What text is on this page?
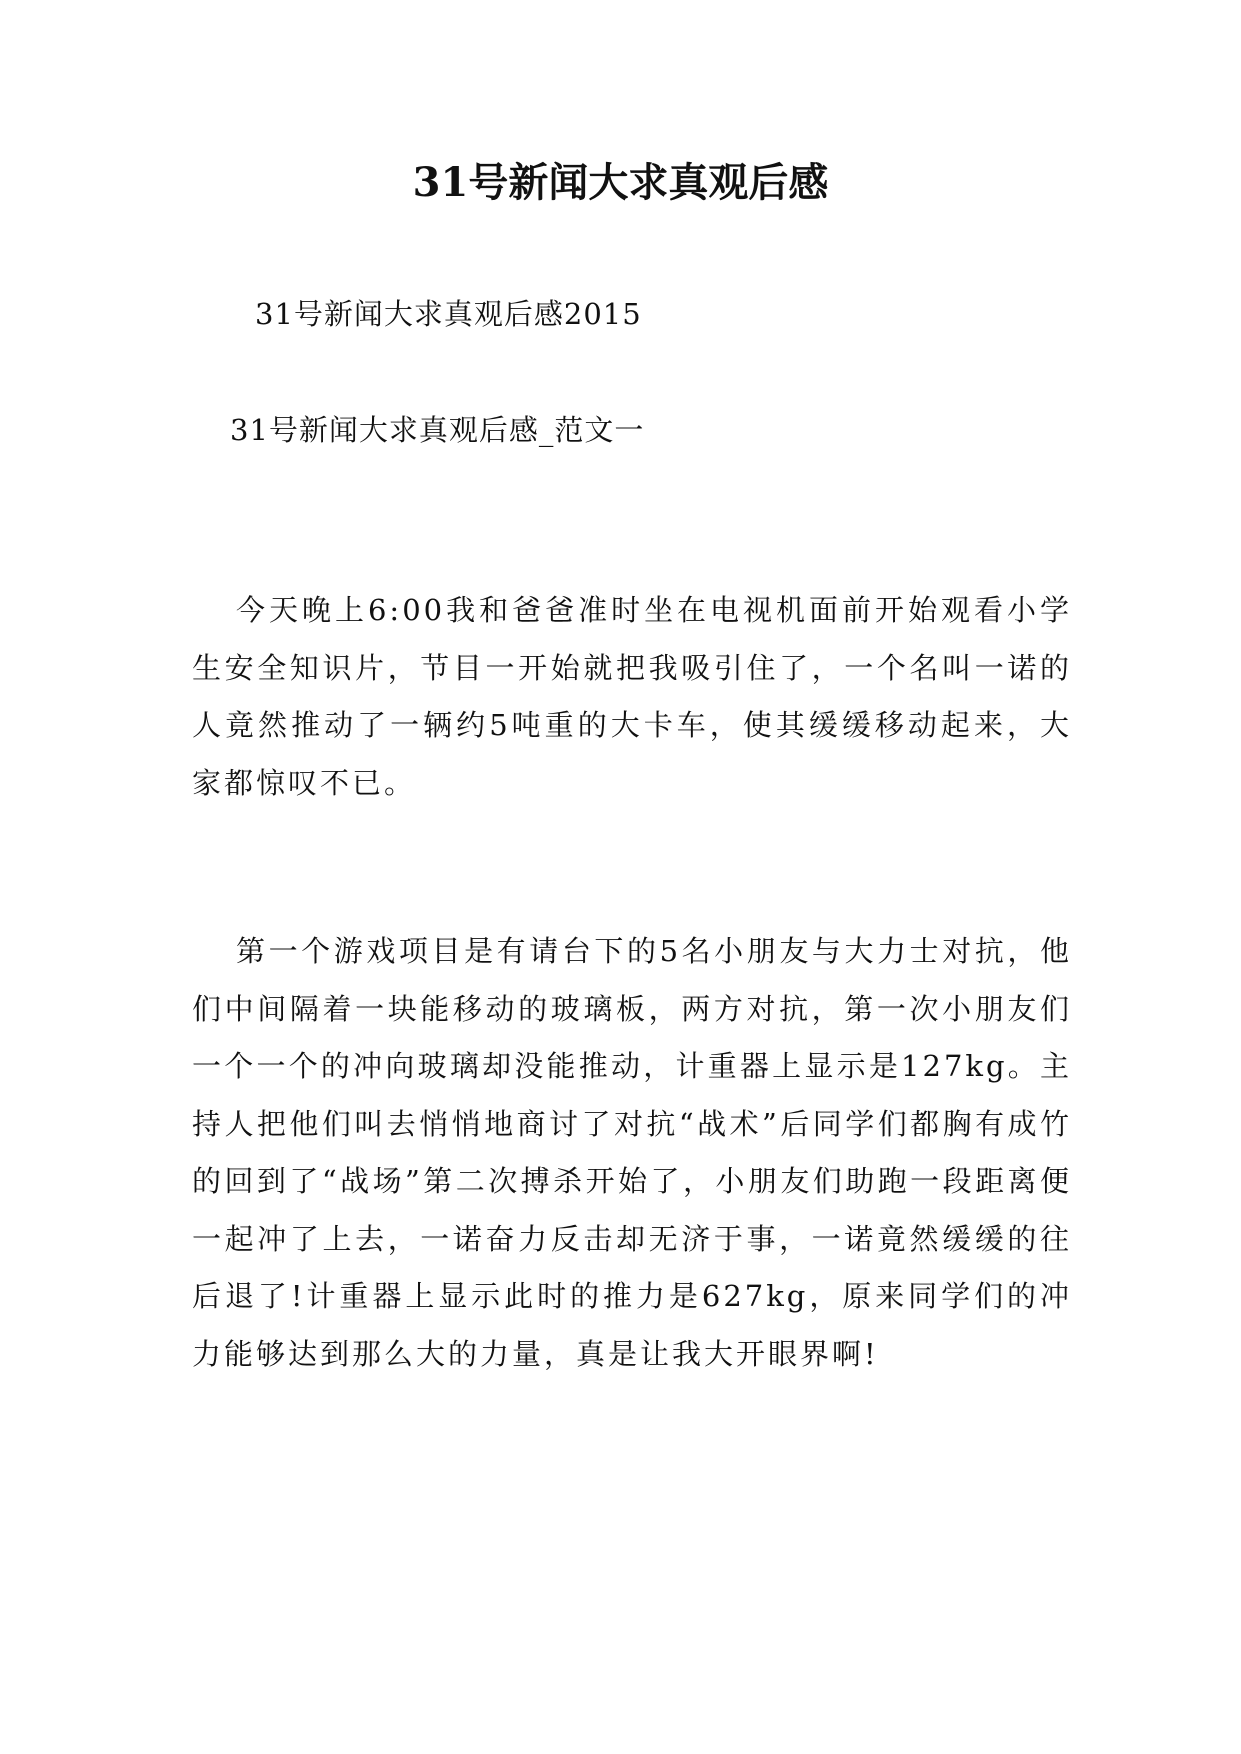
31号新闻大求真观后感

31号新闻大求真观后感2015

31号新闻大求真观后感_范文一

今天晚上6:00我和爸爸准时坐在电视机面前开始观看小学生安全知识片，节目一开始就把我吸引住了，一个名叫一诺的人竟然推动了一辆约5吨重的大卡车，使其缓缓移动起来，大家都惊叹不已。

第一个游戏项目是有请台下的5名小朋友与大力士对抗，他们中间隔着一块能移动的玻璃板，两方对抗，第一次小朋友们一个一个的冲向玻璃却没能推动，计重器上显示是127kg。主持人把他们叫去悄悄地商讨了对抗“战术”后同学们都胸有成竹的回到了“战场”第二次搏杀开始了，小朋友们助跑一段距离便一起冲了上去，一诺奋力反击却无济于事，一诺竟然缓缓的往后退了!计重器上显示此时的推力是627kg，原来同学们的冲力能够达到那么大的力量，真是让我大开眼界啊!
